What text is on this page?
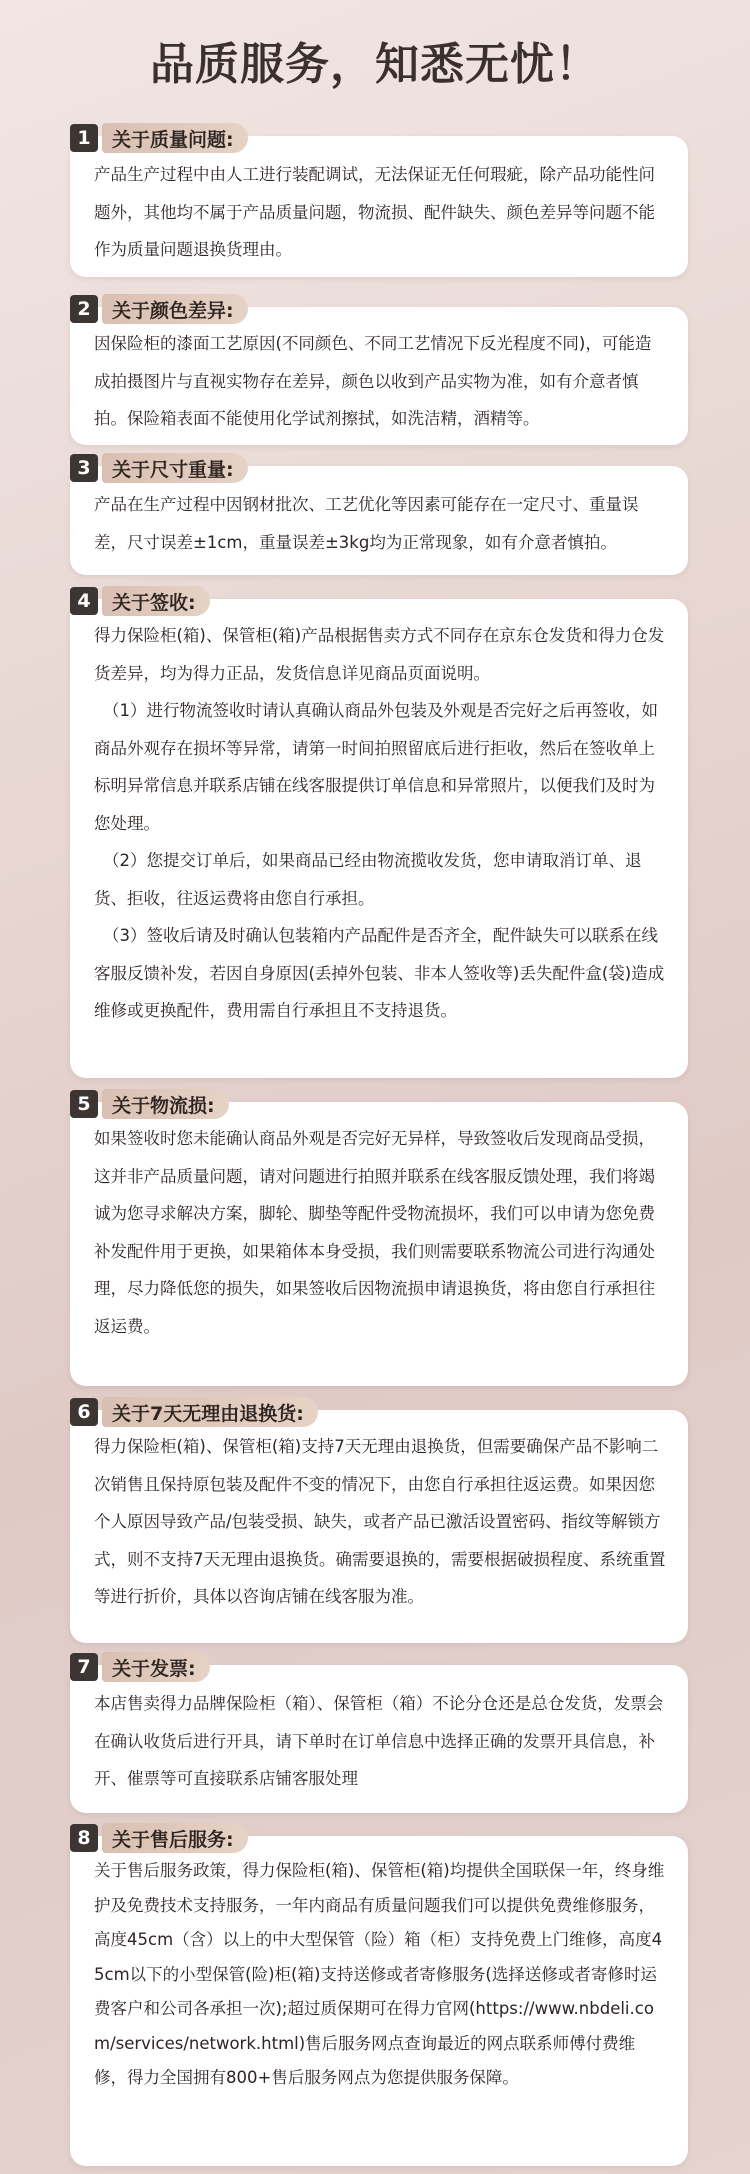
品质服务，知悉无忧！

产品生产过程中由人工进行装配调试，无法保证无任何瑕疵，除产品功能性问题外，其他均不属于产品质量问题，物流损、配件缺失、颜色差异等问题不能作为质量问题退换货理由。

1	关于质量问题:

因保险柜的漆面工艺原因(不同颜色、不同工艺情况下反光程度不同)，可能造成拍摄图片与直视实物存在差异，颜色以收到产品实物为准，如有介意者慎拍。保险箱表面不能使用化学试剂擦拭，如洗洁精，酒精等。

2	关于颜色差异:

产品在生产过程中因钢材批次、工艺优化等因素可能存在一定尺寸、重量误差，尺寸误差±1cm，重量误差±3kg均为正常现象，如有介意者慎拍。

3	关于尺寸重量:

得力保险柜(箱)、保管柜(箱)产品根据售卖方式不同存在京东仓发货和得力仓发货差异，均为得力正品，发货信息详见商品页面说明。

（1）进行物流签收时请认真确认商品外包装及外观是否完好之后再签收，如商品外观存在损坏等异常，请第一时间拍照留底后进行拒收，然后在签收单上标明异常信息并联系店铺在线客服提供订单信息和异常照片，以便我们及时为您处理。

（2）您提交订单后，如果商品已经由物流揽收发货，您申请取消订单、退货、拒收，往返运费将由您自行承担。

（3）签收后请及时确认包装箱内产品配件是否齐全，配件缺失可以联系在线客服反馈补发，若因自身原因(丢掉外包装、非本人签收等)丢失配件盒(袋)造成维修或更换配件，费用需自行承担且不支持退货。

4	关于签收:

如果签收时您未能确认商品外观是否完好无异样，导致签收后发现商品受损，这并非产品质量问题，请对问题进行拍照并联系在线客服反馈处理，我们将竭诚为您寻求解决方案，脚轮、脚垫等配件受物流损坏，我们可以申请为您免费补发配件用于更换，如果箱体本身受损，我们则需要联系物流公司进行沟通处理，尽力降低您的损失，如果签收后因物流损申请退换货，将由您自行承担往返运费。

5	关于物流损:

得力保险柜(箱)、保管柜(箱)支持7天无理由退换货，但需要确保产品不影响二次销售且保持原包装及配件不变的情况下，由您自行承担往返运费。如果因您个人原因导致产品/包装受损、缺失，或者产品已激活设置密码、指纹等解锁方式，则不支持7天无理由退换货。确需要退换的，需要根据破损程度、系统重置等进行折价，具体以咨询店铺在线客服为准。

6	关于7天无理由退换货:

本店售卖得力品牌保险柜（箱）、保管柜（箱）不论分仓还是总仓发货，发票会在确认收货后进行开具，请下单时在订单信息中选择正确的发票开具信息，补开、催票等可直接联系店铺客服处理

7	关于发票:

关于售后服务政策，得力保险柜(箱)、保管柜(箱)均提供全国联保一年，终身维护及免费技术支持服务，一年内商品有质量问题我们可以提供免费维修服务，高度45cm（含）以上的中大型保管（险）箱（柜）支持免费上门维修，高度45cm以下的小型保管(险)柜(箱)支持送修或者寄修服务(选择送修或者寄修时运费客户和公司各承担一次);超过质保期可在得力官网(https://www.nbdeli.com/services/network.html)售后服务网点查询最近的网点联系师傅付费维修，得力全国拥有800+售后服务网点为您提供服务保障。

8	关于售后服务:
